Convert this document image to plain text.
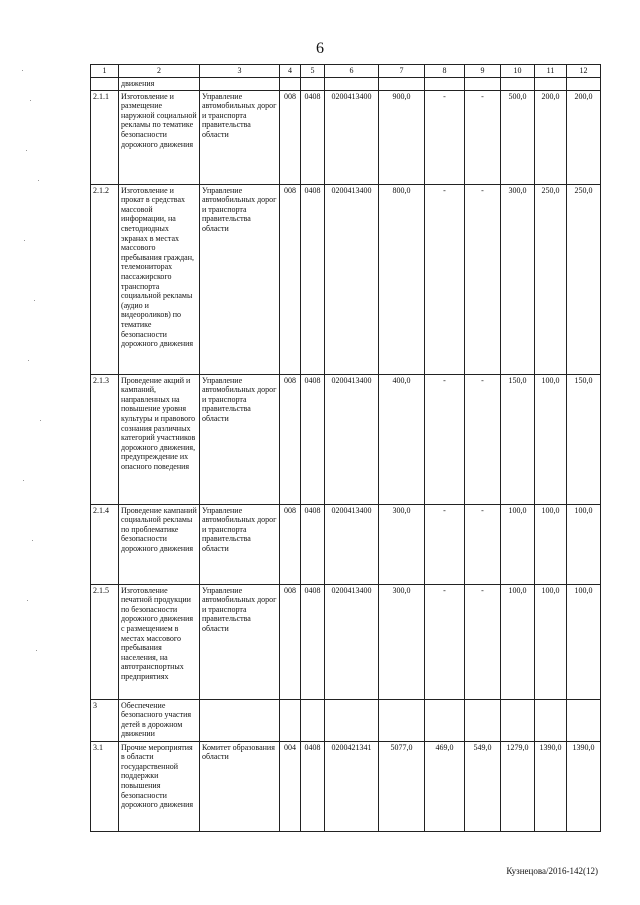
6
1	2	3	4	5	6	7	8	9	10	11	12
	движения										
2.1.1	Изготовление и размещение наружной социальной рекламы по тематике безопасности дорожного движения	Управление автомобильных дорог и транспорта правительства области	008	0408	0200413400	900,0	-	-	500,0	200,0	200,0
2.1.2	Изготовление и прокат в средствах массовой информации, на светодиодных экранах в местах массового пребывания граждан, телемониторах пассажирского транспорта социальной рекламы (аудио и видеороликов) по тематике безопасности дорожного движения	Управление автомобильных дорог и транспорта правительства области	008	0408	0200413400	800,0	-	-	300,0	250,0	250,0
2.1.3	Проведение акций и кампаний, направленных на повышение уровня культуры и правового сознания различных категорий участников дорожного движения, предупреждение их опасного поведения	Управление автомобильных дорог и транспорта правительства области	008	0408	0200413400	400,0	-	-	150,0	100,0	150,0
2.1.4	Проведение кампаний социальной рекламы по проблематике безопасности дорожного движения	Управление автомобильных дорог и транспорта правительства области	008	0408	0200413400	300,0	-	-	100,0	100,0	100,0
2.1.5	Изготовление печатной продукции по безопасности дорожного движения с размещением в местах массового пребывания населения, на автотранспортных предприятиях	Управление автомобильных дорог и транспорта правительства области	008	0408	0200413400	300,0	-	-	100,0	100,0	100,0
3	Обеспечение безопасного участия детей в дорожном движении										
3.1	Прочие мероприятия в области государственной поддержки повышения безопасности дорожного движения	Комитет образования области	004	0408	0200421341	5077,0	469,0	549,0	1279,0	1390,0	1390,0
Кузнецова/2016-142(12)
